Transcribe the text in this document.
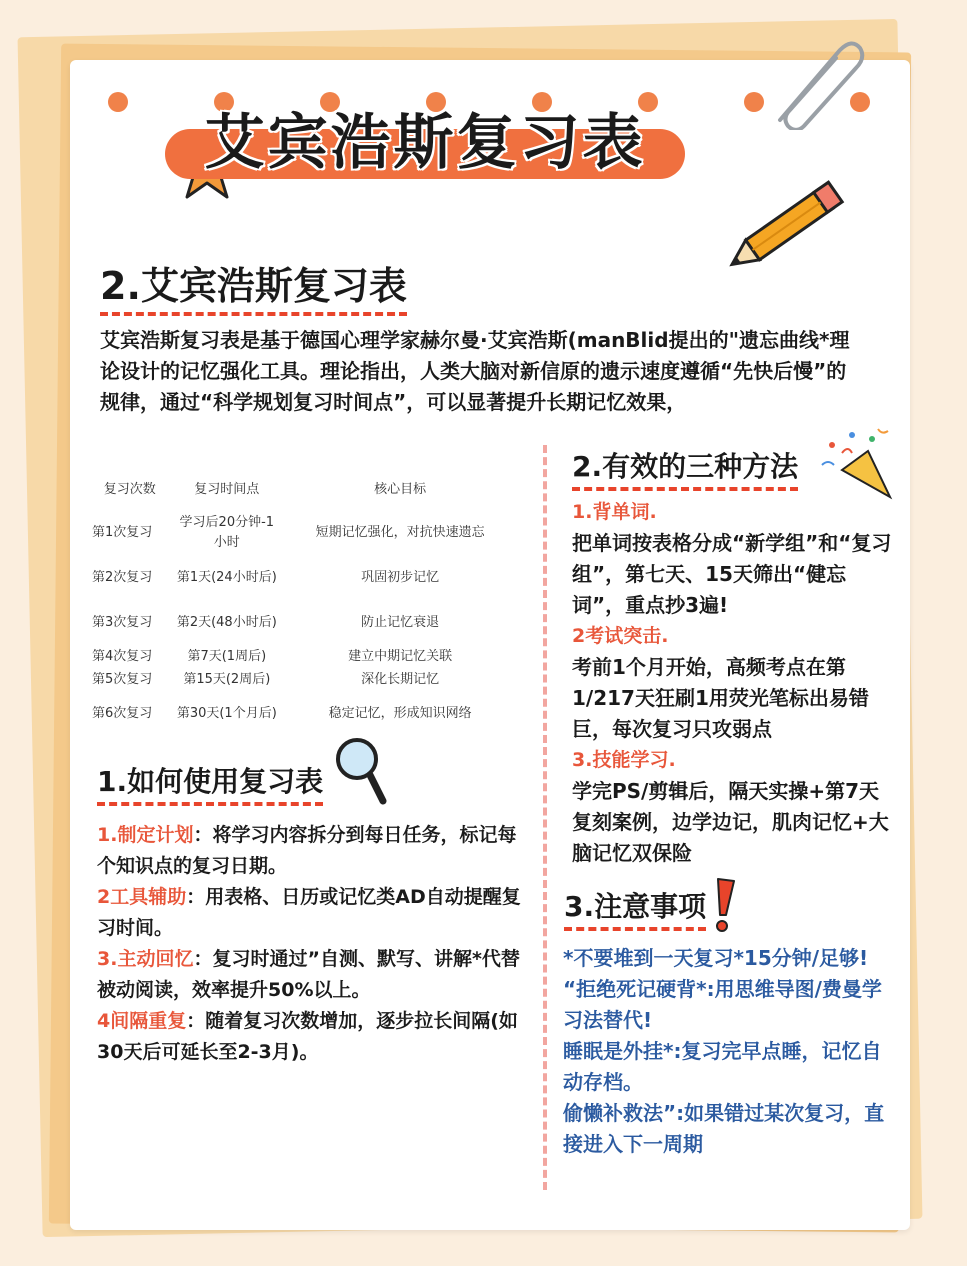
艾宾浩斯复习表
2.艾宾浩斯复习表
艾宾浩斯复习表是基于德国心理学家赫尔曼·艾宾浩斯(manBlid提出的"遗忘曲线*理论设计的记忆强化工具。理论指出，人类大脑对新信原的遗示速度遵循“先快后慢”的规律，通过“科学规划复习时间点”，可以显著提升长期记忆效果，
复习次数	复习时间点	核心目标
第1次复习	学习后20分钟-1小时	短期记忆强化，对抗快速遗忘
第2次复习	第1天(24小时后)	巩固初步记忆
第3次复习	第2天(48小时后)	防止记忆衰退
第4次复习	第7天(1周后)	建立中期记忆关联
第5次复习	第15天(2周后)	深化长期记忆
第6次复习	第30天(1个月后)	稳定记忆，形成知识网络
2.有效的三种方法
1.背单词.
把单词按表格分成“新学组”和“复习组”，第七天、15天筛出“健忘词”，重点抄3遍!
2考试突击.
考前1个月开始，高频考点在第1/217天狂刷1用荧光笔标出易错巨，每次复习只攻弱点
3.技能学习.
学完PS/剪辑后，隔天实操+第7天复刻案例，边学边记，肌肉记忆+大脑记忆双保险
1.如何使用复习表
1.制定计划：将学习内容拆分到每日任务，标记每个知识点的复习日期。
2工具辅助：用表格、日历或记忆类AD自动提醒复习时间。
3.主动回忆：复习时通过”自测、默写、讲解*代替被动阅读，效率提升50%以上。
4间隔重复：随着复习次数增加，逐步拉长间隔(如30天后可延长至2-3月)。
3.注意事项
*不要堆到一天复习*15分钟/足够!
“拒绝死记硬背*:用思维导图/费曼学习法替代!
睡眠是外挂*:复习完早点睡，记忆自动存档。
偷懒补救法”:如果错过某次复习，直接进入下一周期
